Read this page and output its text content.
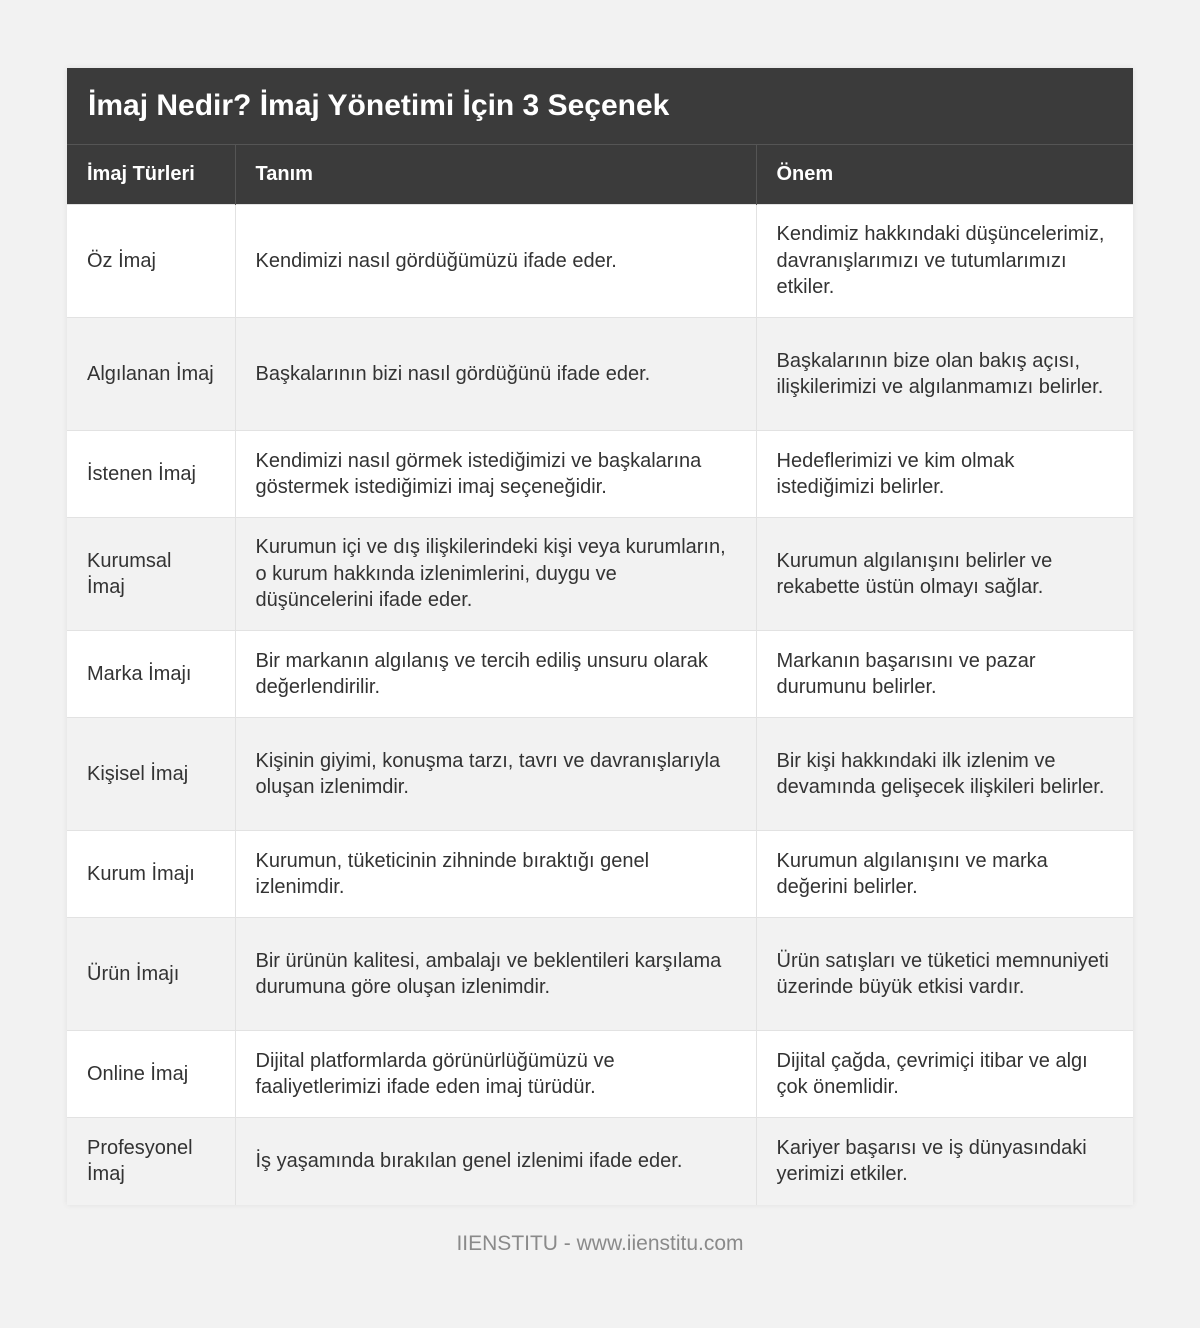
İmaj Nedir? İmaj Yönetimi İçin 3 Seçenek
İmaj Türleri	Tanım	Önem
Öz İmaj	Kendimizi nasıl gördüğümüzü ifade eder.	Kendimiz hakkındaki düşüncelerimiz, davranışlarımızı ve tutumlarımızı etkiler.
Algılanan İmaj	Başkalarının bizi nasıl gördüğünü ifade eder.	Başkalarının bize olan bakış açısı, ilişkilerimizi ve algılanmamızı belirler.
İstenen İmaj	Kendimizi nasıl görmek istediğimizi ve başkalarına göstermek istediğimizi imaj seçeneğidir.	Hedeflerimizi ve kim olmak istediğimizi belirler.
Kurumsal İmaj	Kurumun içi ve dış ilişkilerindeki kişi veya kurumların, o kurum hakkında izlenimlerini, duygu ve düşüncelerini ifade eder.	Kurumun algılanışını belirler ve rekabette üstün olmayı sağlar.
Marka İmajı	Bir markanın algılanış ve tercih ediliş unsuru olarak değerlendirilir.	Markanın başarısını ve pazar durumunu belirler.
Kişisel İmaj	Kişinin giyimi, konuşma tarzı, tavrı ve davranışlarıyla oluşan izlenimdir.	Bir kişi hakkındaki ilk izlenim ve devamında gelişecek ilişkileri belirler.
Kurum İmajı	Kurumun, tüketicinin zihninde bıraktığı genel izlenimdir.	Kurumun algılanışını ve marka değerini belirler.
Ürün İmajı	Bir ürünün kalitesi, ambalajı ve beklentileri karşılama durumuna göre oluşan izlenimdir.	Ürün satışları ve tüketici memnuniyeti üzerinde büyük etkisi vardır.
Online İmaj	Dijital platformlarda görünürlüğümüzü ve faaliyetlerimizi ifade eden imaj türüdür.	Dijital çağda, çevrimiçi itibar ve algı çok önemlidir.
Profesyonel İmaj	İş yaşamında bırakılan genel izlenimi ifade eder.	Kariyer başarısı ve iş dünyasındaki yerimizi etkiler.
IIENSTITU - www.iienstitu.com
